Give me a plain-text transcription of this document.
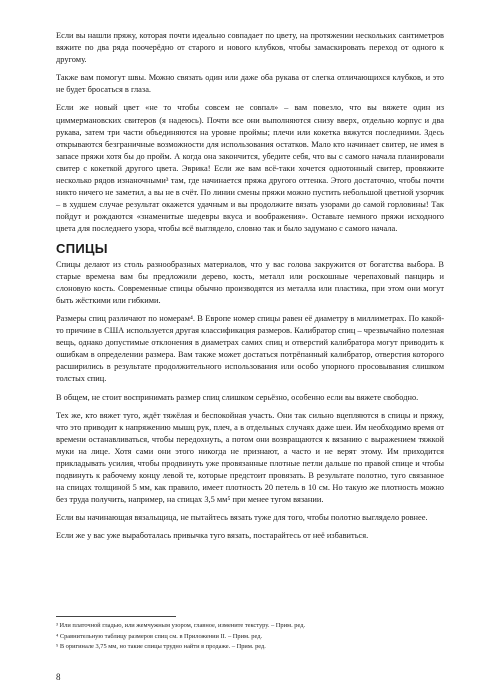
Если вы нашли пряжу, которая почти идеально совпадает по цвету, на протяжении нескольких сантиметров вяжите по два ряда поочерёдно от старого и нового клубков, чтобы замаскировать переход от одного к другому.

Также вам помогут швы. Можно связать один или даже оба рукава от слегка отличающихся клубков, и это не будет бросаться в глаза.

Если же новый цвет «не то чтобы совсем не совпал» – вам повезло, что вы вяжете один из циммермановских свитеров (я надеюсь). Почти все они выполняются снизу вверх, отдельно корпус и два рукава, затем три части объединяются на уровне проймы; плечи или кокетка вяжутся последними. Здесь открываются безграничные возможности для использования остатков. Мало кто начинает свитер, не имея в запасе пряжи хотя бы до пройм. А когда она закончится, убедите себя, что вы с самого начала планировали свитер с кокеткой другого цвета. Эврика! Если же вам всё-таки хочется однотонный свитер, провяжите несколько рядов изнаночными³ там, где начинается пряжа другого оттенка. Этого достаточно, чтобы почти никто ничего не заметил, а вы не в счёт. По линии смены пряжи можно пустить небольшой цветной узорчик – в худшем случае результат окажется удачным и вы продолжите вязать узорами до самой горловины! Так пойдут и рождаются «знаменитые шедевры вкуса и воображения». Оставьте немного пряжи исходного цвета для последнего узора, чтобы всё выглядело, словно так и было задумано с самого начала.

СПИЦЫ

Спицы делают из столь разнообразных материалов, что у вас голова закружится от богатства выбора. В старые времена вам бы предложили дерево, кость, металл или роскошные черепаховый панцирь и слоновую кость. Современные спицы обычно производятся из металла или пластика, при этом они могут быть жёсткими или гибкими.

Размеры спиц различают по номерам⁴. В Европе номер спицы равен её диаметру в миллиметрах. По какой-то причине в США используется другая классификация размеров. Калибратор спиц – чрезвычайно полезная вещь, однако допустимые отклонения в диаметрах самих спиц и отверстий калибратора могут приводить к ошибкам в определении размера. Вам также может достаться потрёпанный калибратор, отверстия которого расширились в результате продолжительного использования или особо упорного просовывания слишком толстых спиц.

В общем, не стоит воспринимать размер спиц слишком серьёзно, особенно если вы вяжете свободно.

Тех же, кто вяжет туго, ждёт тяжёлая и беспокойная участь. Они так сильно вцепляются в спицы и пряжу, что это приводит к напряжению мышц рук, плеч, а в отдельных случаях даже шеи. Им необходимо время от времени останавливаться, чтобы передохнуть, а потом они возвращаются к вязанию с выражением тяжкой муки на лице. Хотя сами они этого никогда не признают, а часто и не верят этому. Им приходится прикладывать усилия, чтобы продвинуть уже провязанные плотные петли дальше по правой спице и чтобы подвинуть к рабочему концу левой те, которые предстоит провязать. В результате полотно, туго связанное на спицах толщиной 5 мм, как правило, имеет плотность 20 петель в 10 см. Но такую же плотность можно без труда получить, например, на спицах 3,5 мм⁵ при менее тугом вязании.

Если вы начинающая вязальщица, не пытайтесь вязать туже для того, чтобы полотно выглядело ровнее.

Если же у вас уже выработалась привычка туго вязать, постарайтесь от неё избавиться.

³ Или платочной гладью, или жемчужным узором, главное, измените текстуру. – Прим. ред.
⁴ Сравнительную таблицу размеров спиц см. в Приложении II. – Прим. ред.
⁵ В оригинале 3,75 мм, но такие спицы трудно найти в продаже. – Прим. ред.
8
